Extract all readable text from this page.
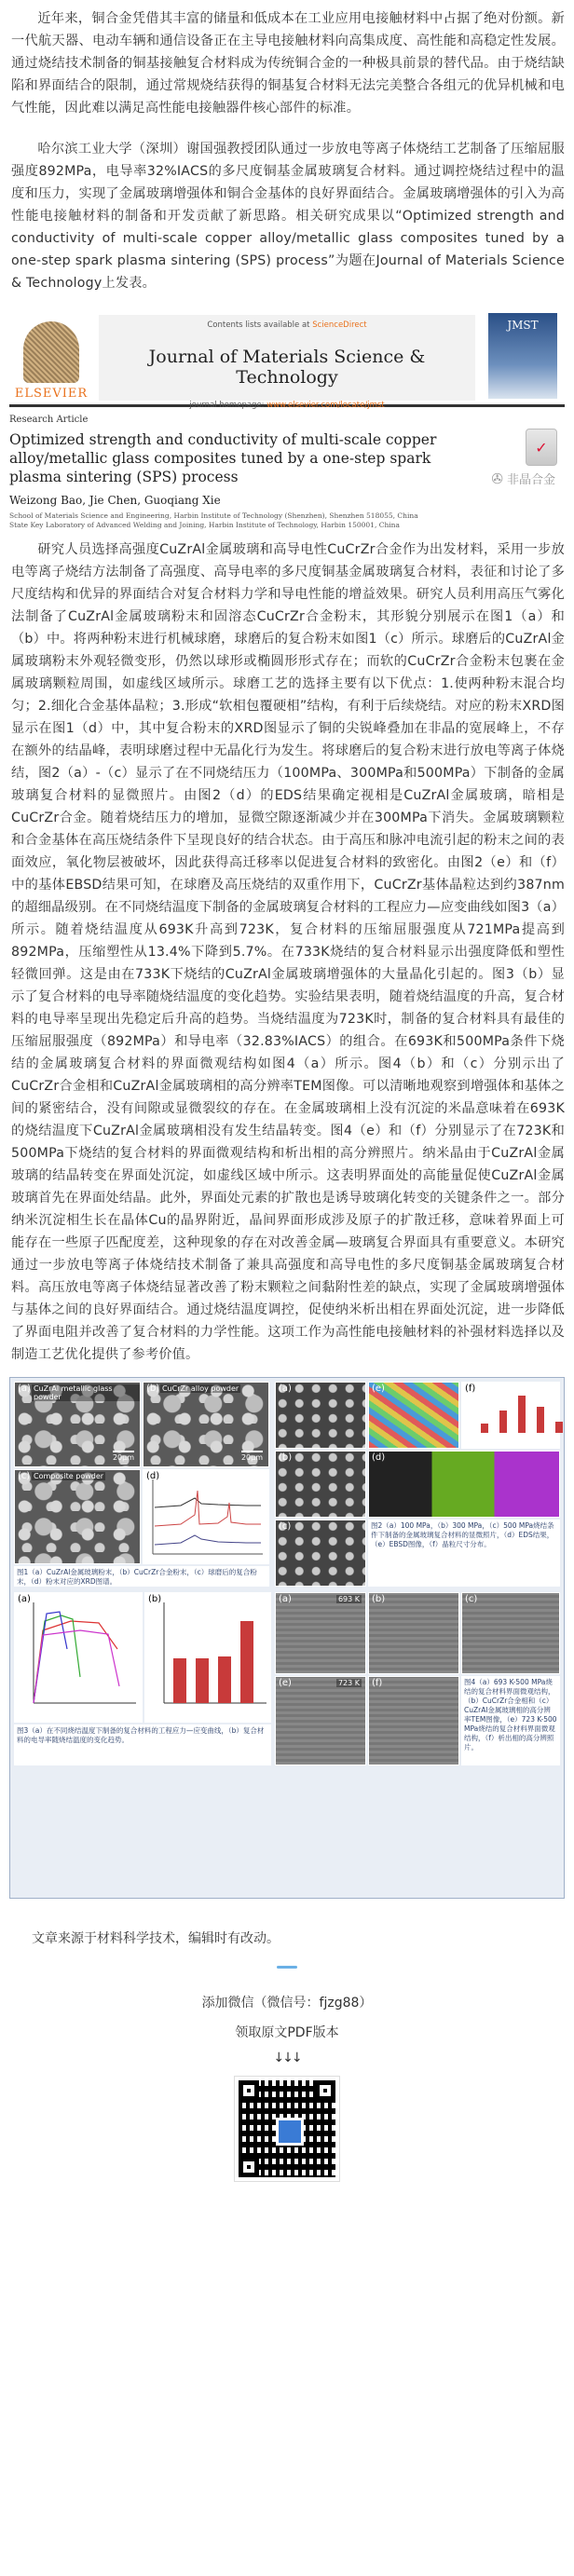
近年来，铜合金凭借其丰富的储量和低成本在工业应用电接触材料中占据了绝对份额。新一代航天器、电动车辆和通信设备正在主导电接触材料向高集成度、高性能和高稳定性发展。通过烧结技术制备的铜基接触复合材料成为传统铜合金的一种极具前景的替代品。由于烧结缺陷和界面结合的限制，通过常规烧结获得的铜基复合材料无法完美整合各组元的优异机械和电气性能，因此难以满足高性能电接触器件核心部件的标准。

哈尔滨工业大学（深圳）谢国强教授团队通过一步放电等离子体烧结工艺制备了压缩屈服强度892MPa，电导率32%IACS的多尺度铜基金属玻璃复合材料。通过调控烧结过程中的温度和压力，实现了金属玻璃增强体和铜合金基体的良好界面结合。金属玻璃增强体的引入为高性能电接触材料的制备和开发贡献了新思路。相关研究成果以“Optimized strength and conductivity of multi-scale copper alloy/metallic glass composites tuned by a one-step spark plasma sintering (SPS) process”为题在Journal of Materials Science & Technology上发表。

ELSEVIER
Contents lists available at ScienceDirect
Journal of Materials Science & Technology
journal homepage: www.elsevier.com/locate/jmst
JMST
Research Article
Optimized strength and conductivity of multi-scale copper alloy/metallic glass composites tuned by a one-step spark plasma sintering (SPS) process
✓
Weizong Bao, Jie Chen, Guoqiang Xie
School of Materials Science and Engineering, Harbin Institute of Technology (Shenzhen), Shenzhen 518055, China
State Key Laboratory of Advanced Welding and Joining, Harbin Institute of Technology, Harbin 150001, China
✇ 非晶合金

研究人员选择高强度CuZrAl金属玻璃和高导电性CuCrZr合金作为出发材料，采用一步放电等离子烧结方法制备了高强度、高导电率的多尺度铜基金属玻璃复合材料，表征和讨论了多尺度结构和优异的界面结合对复合材料力学和导电性能的增益效果。研究人员利用高压气雾化法制备了CuZrAl金属玻璃粉末和固溶态CuCrZr合金粉末，其形貌分别展示在图1（a）和（b）中。将两种粉末进行机械球磨，球磨后的复合粉末如图1（c）所示。球磨后的CuZrAl金属玻璃粉末外观轻微变形，仍然以球形或椭圆形形式存在；而软的CuCrZr合金粉末包裹在金属玻璃颗粒周围，如虚线区域所示。球磨工艺的选择主要有以下优点：1.使两种粉末混合均匀；2.细化合金基体晶粒；3.形成“软相包覆硬相”结构，有利于后续烧结。对应的粉末XRD图显示在图1（d）中，其中复合粉末的XRD图显示了铜的尖锐峰叠加在非晶的宽展峰上，不存在额外的结晶峰，表明球磨过程中无晶化行为发生。将球磨后的复合粉末进行放电等离子体烧结，图2（a）-（c）显示了在不同烧结压力（100MPa、300MPa和500MPa）下制备的金属玻璃复合材料的显微照片。由图2（d）的EDS结果确定视相是CuZrAl金属玻璃，暗相是CuCrZr合金。随着烧结压力的增加，显微空隙逐渐减少并在300MPa下消失。金属玻璃颗粒和合金基体在高压烧结条件下呈现良好的结合状态。由于高压和脉冲电流引起的粉末之间的表面效应，氧化物层被破坏，因此获得高迁移率以促进复合材料的致密化。由图2（e）和（f）中的基体EBSD结果可知，在球磨及高压烧结的双重作用下，CuCrZr基体晶粒达到约387nm的超细晶级别。在不同烧结温度下制备的金属玻璃复合材料的工程应力—应变曲线如图3（a）所示。随着烧结温度从693K升高到723K，复合材料的压缩屈服强度从721MPa提高到892MPa，压缩塑性从13.4%下降到5.7%。在733K烧结的复合材料显示出强度降低和塑性轻微回弹。这是由在733K下烧结的CuZrAl金属玻璃增强体的大量晶化引起的。图3（b）显示了复合材料的电导率随烧结温度的变化趋势。实验结果表明，随着烧结温度的升高，复合材料的电导率呈现出先稳定后升高的趋势。当烧结温度为723K时，制备的复合材料具有最佳的压缩屈服强度（892MPa）和导电率（32.83%IACS）的组合。在693K和500MPa条件下烧结的金属玻璃复合材料的界面微观结构如图4（a）所示。图4（b）和（c）分别示出了CuCrZr合金相和CuZrAl金属玻璃相的高分辨率TEM图像。可以清晰地观察到增强体和基体之间的紧密结合，没有间隙或显微裂纹的存在。在金属玻璃相上没有沉淀的米晶意味着在693K的烧结温度下CuZrAl金属玻璃相没有发生结晶转变。图4（e）和（f）分别显示了在723K和500MPa下烧结的复合材料的界面微观结构和析出相的高分辨照片。纳米晶由于CuZrAl金属玻璃的结晶转变在界面处沉淀，如虚线区域中所示。这表明界面处的高能量促使CuZrAl金属玻璃首先在界面处结晶。此外，界面处元素的扩散也是诱导玻璃化转变的关键条件之一。部分纳米沉淀相生长在晶体Cu的晶界附近，晶间界面形成涉及原子的扩散迁移，意味着界面上可能存在一些原子匹配度差，这种现象的存在对改善金属—玻璃复合界面具有重要意义。本研究通过一步放电等离子体烧结技术制备了兼具高强度和高导电性的多尺度铜基金属玻璃复合材料。高压放电等离子体烧结显著改善了粉末颗粒之间黏附性差的缺点，实现了金属玻璃增强体与基体之间的良好界面结合。通过烧结温度调控，促使纳米析出相在界面处沉淀，进一步降低了界面电阻并改善了复合材料的力学性能。这项工作为高性能电接触材料的补强材料选择以及制造工艺优化提供了参考价值。

(a) CuZrAl metallic glass powder
20μm
(b) CuCrZr alloy powder
20μm
(c) Composite powder	(d)
图1（a）CuZrAl金属玻璃粉末，（b）CuCrZr合金粉末，（c）球磨后的复合粉末，（d）粉末对应的XRD图谱。
(a)	(e)	(f)
(b)	(d)
(c)	图2（a）100 MPa，（b）300 MPa，（c）500 MPa烧结条件下制备的金属玻璃复合材料的显微照片，（d）EDS结果，（e）EBSD图像，（f）晶粒尺寸分布。
(a)	(b)
图3（a）在不同烧结温度下制备的复合材料的工程应力—应变曲线，（b）复合材料的电导率随烧结温度的变化趋势。
(a)	693 K (b)	(c)
(e)	723 K (f)	图4（a）693 K-500 MPa烧结的复合材料界面微观结构，（b）CuCrZr合金相和（c）CuZrAl金属玻璃相的高分辨率TEM图像，（e）723 K-500 MPa烧结的复合材料界面微观结构，（f）析出相的高分辨照片。
文章来源于材料科学技术，编辑时有改动。
添加微信（微信号：fjzg88）
领取原文PDF版本
↓↓↓
